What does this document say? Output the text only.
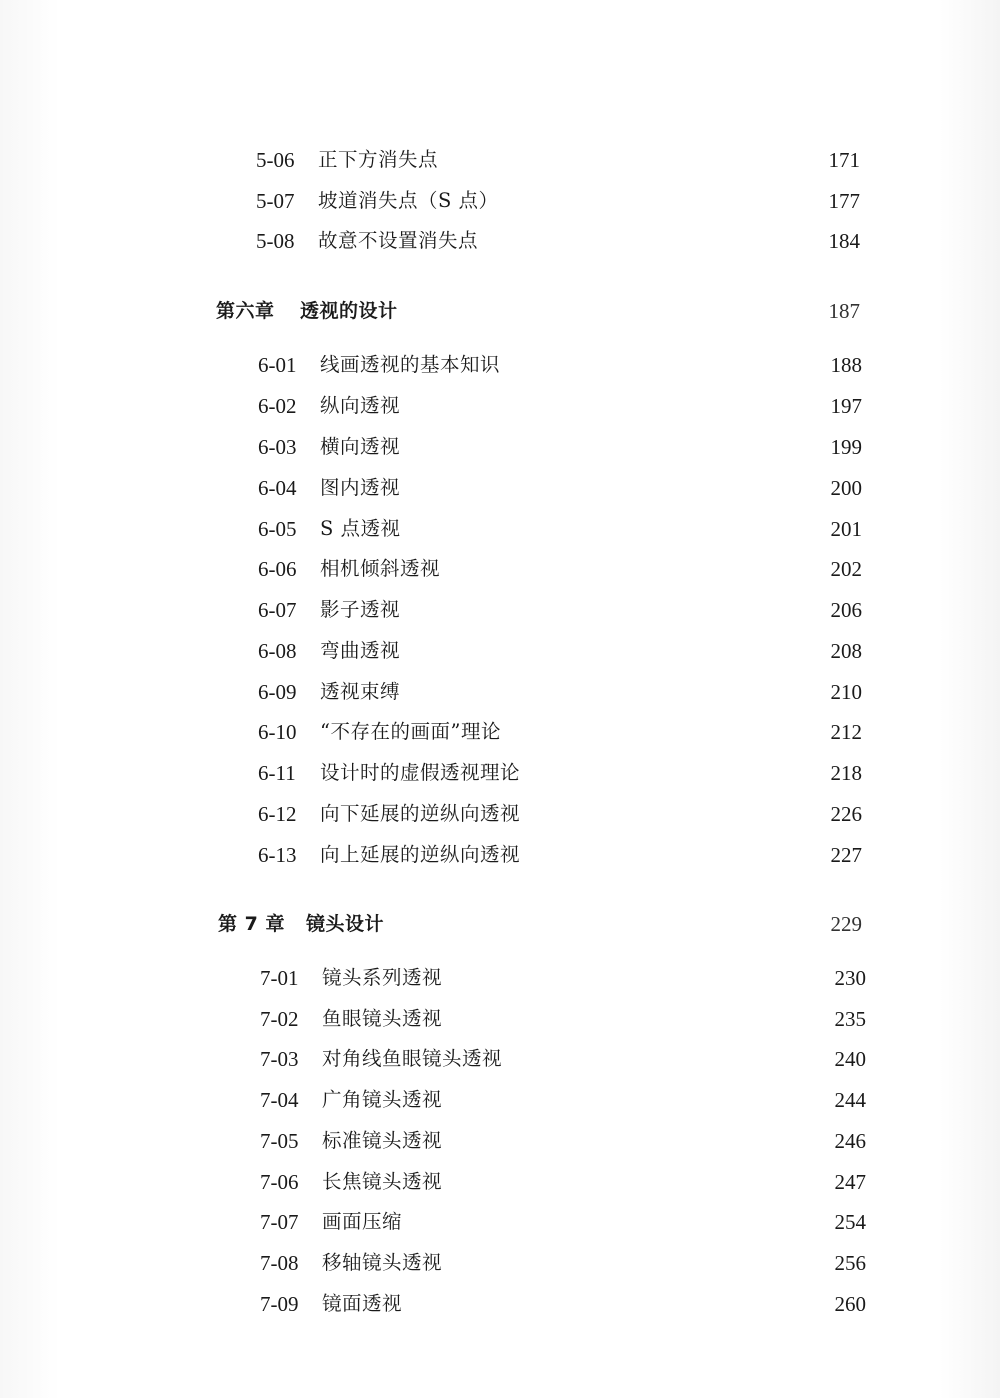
5-06 正下方消失点	171
5-07 坡道消失点（S 点）	177
5-08 故意不设置消失点	184
第六章 透视的设计	187
6-01 线画透视的基本知识	188
6-02 纵向透视	197
6-03 横向透视	199
6-04 图内透视	200
6-05 S 点透视	201
6-06 相机倾斜透视	202
6-07 影子透视	206
6-08 弯曲透视	208
6-09 透视束缚	210
6-10 “不存在的画面”理论	212
6-11 设计时的虚假透视理论	218
6-12 向下延展的逆纵向透视	226
6-13 向上延展的逆纵向透视	227
第 7 章 镜头设计	229
7-01 镜头系列透视	230
7-02 鱼眼镜头透视	235
7-03 对角线鱼眼镜头透视	240
7-04 广角镜头透视	244
7-05 标准镜头透视	246
7-06 长焦镜头透视	247
7-07 画面压缩	254
7-08 移轴镜头透视	256
7-09 镜面透视	260
